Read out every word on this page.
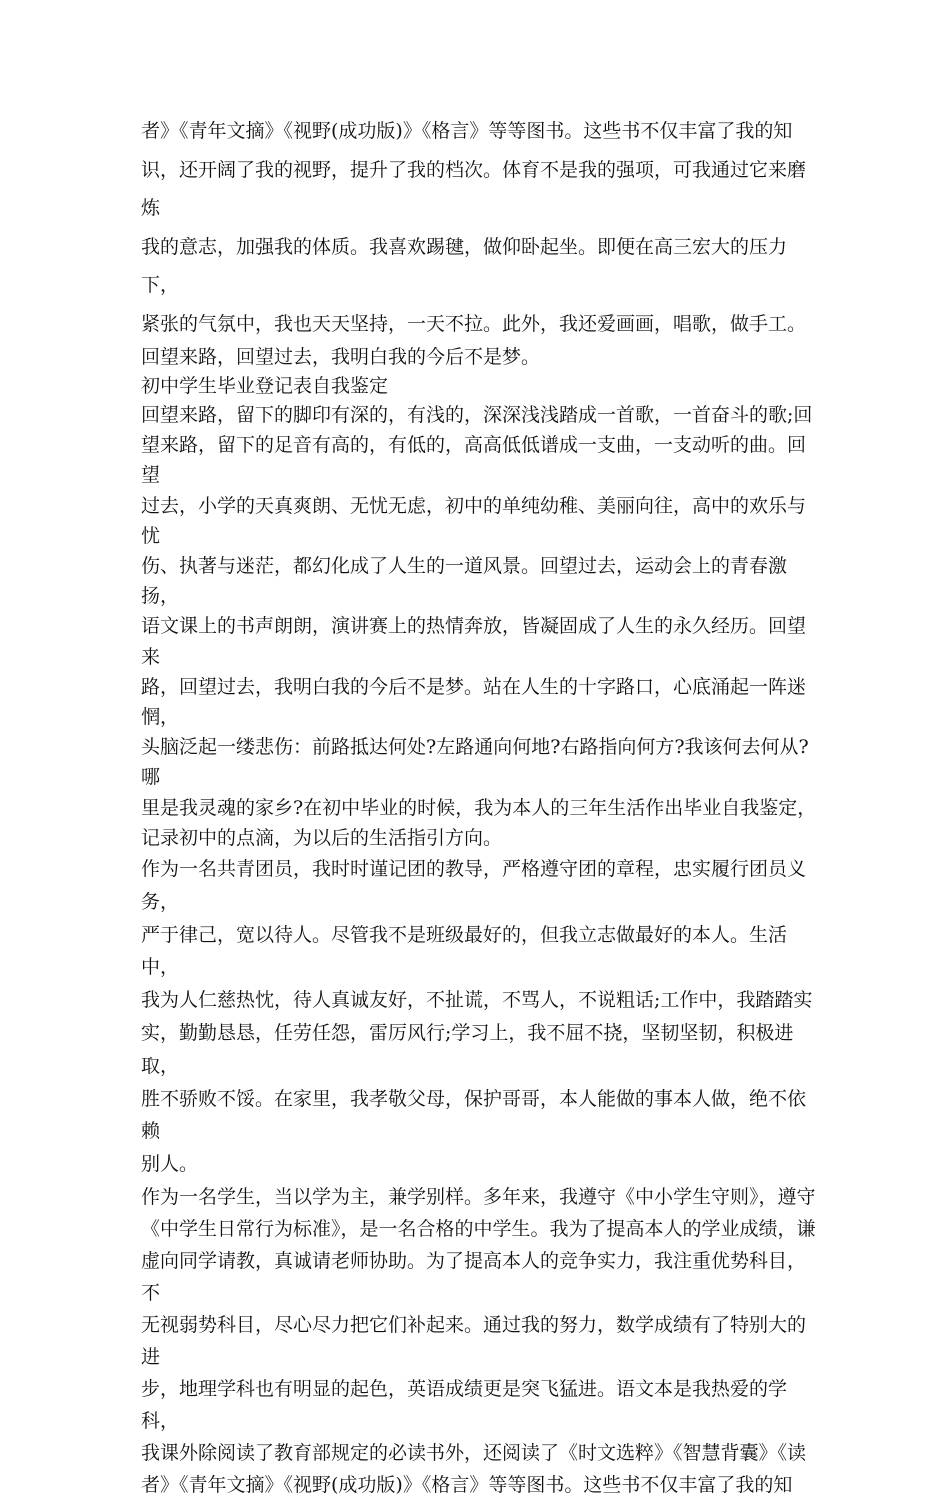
者》《青年文摘》《视野(成功版)》《格言》等等图书。这些书不仅丰富了我的知
识，还开阔了我的视野，提升了我的档次。体育不是我的强项，可我通过它来磨炼
我的意志，加强我的体质。我喜欢踢毽，做仰卧起坐。即便在高三宏大的压力下，
紧张的气氛中，我也天天坚持，一天不拉。此外，我还爱画画，唱歌，做手工。

回望来路，回望过去，我明白我的今后不是梦。

初中学生毕业登记表自我鉴定

回望来路，留下的脚印有深的，有浅的，深深浅浅踏成一首歌，一首奋斗的歌;回
望来路，留下的足音有高的，有低的，高高低低谱成一支曲，一支动听的曲。回望
过去，小学的天真爽朗、无忧无虑，初中的单纯幼稚、美丽向往，高中的欢乐与忧
伤、执著与迷茫，都幻化成了人生的一道风景。回望过去，运动会上的青春激扬，
语文课上的书声朗朗，演讲赛上的热情奔放，皆凝固成了人生的永久经历。回望来
路，回望过去，我明白我的今后不是梦。站在人生的十字路口，心底涌起一阵迷惘，
头脑泛起一缕悲伤：前路抵达何处?左路通向何地?右路指向何方?我该何去何从?哪
里是我灵魂的家乡?在初中毕业的时候，我为本人的三年生活作出毕业自我鉴定，
记录初中的点滴，为以后的生活指引方向。

作为一名共青团员，我时时谨记团的教导，严格遵守团的章程，忠实履行团员义务，
严于律己，宽以待人。尽管我不是班级最好的，但我立志做最好的本人。生活中，
我为人仁慈热忱，待人真诚友好，不扯谎，不骂人，不说粗话;工作中，我踏踏实
实，勤勤恳恳，任劳任怨，雷厉风行;学习上，我不屈不挠，坚韧坚韧，积极进取，
胜不骄败不馁。在家里，我孝敬父母，保护哥哥，本人能做的事本人做，绝不依赖
别人。

作为一名学生，当以学为主，兼学别样。多年来，我遵守《中小学生守则》，遵守
《中学生日常行为标准》，是一名合格的中学生。我为了提高本人的学业成绩，谦
虚向同学请教，真诚请老师协助。为了提高本人的竞争实力，我注重优势科目，不
无视弱势科目，尽心尽力把它们补起来。通过我的努力，数学成绩有了特别大的进
步，地理学科也有明显的起色，英语成绩更是突飞猛进。语文本是我热爱的学科，
我课外除阅读了教育部规定的必读书外，还阅读了《时文选粹》《智慧背囊》《读
者》《青年文摘》《视野(成功版)》《格言》等等图书。这些书不仅丰富了我的知
